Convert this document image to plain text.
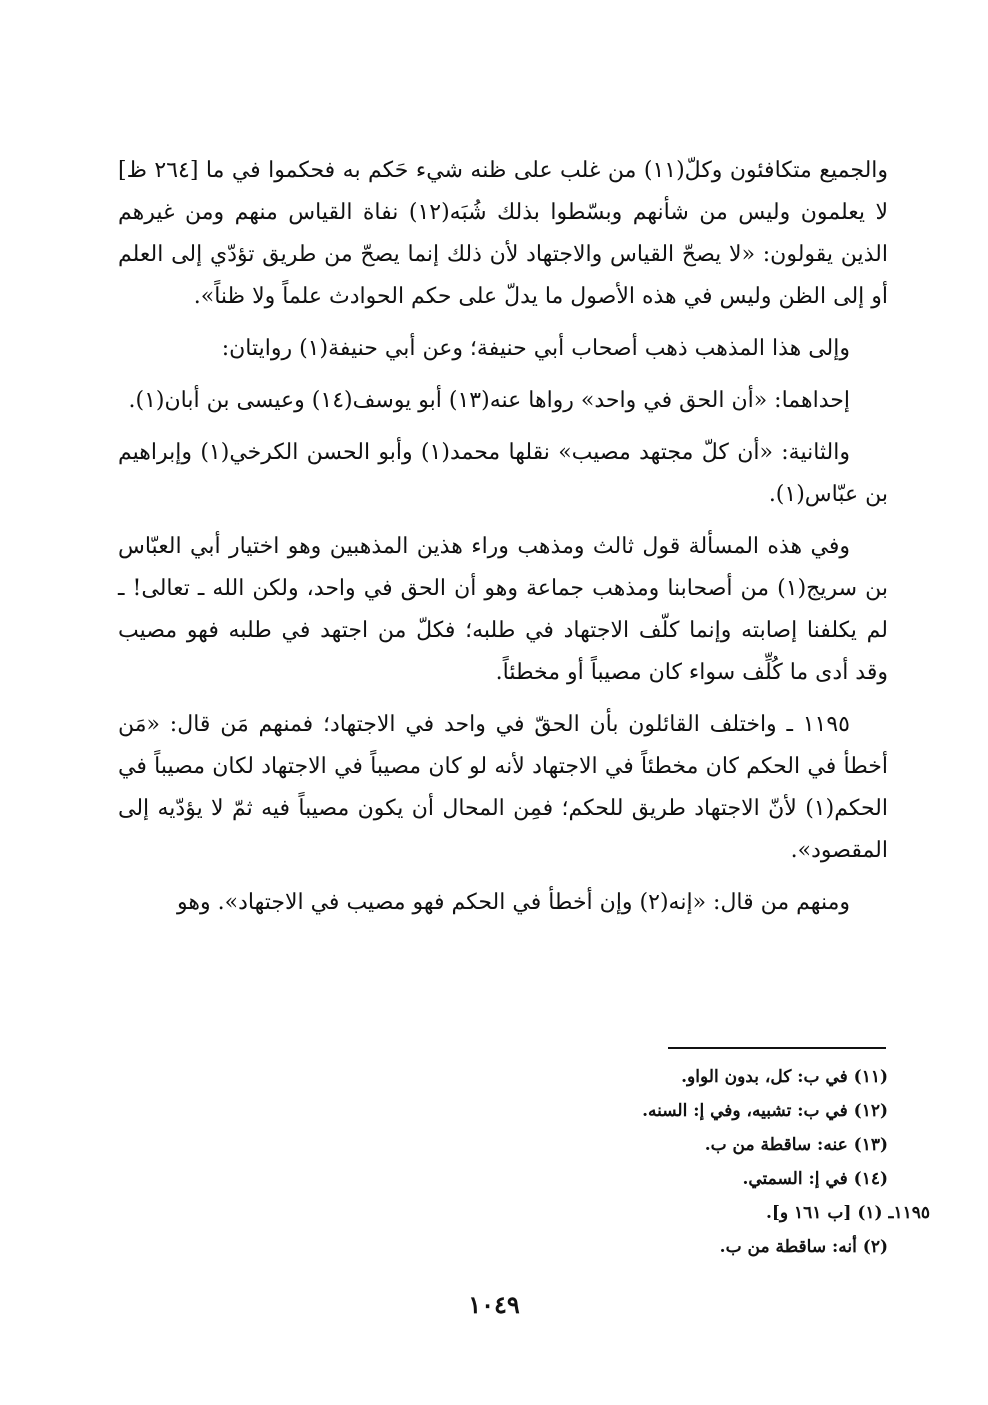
والجميع متكافئون وكلّ(١١) من غلب على ظنه شيء حَكم به فحكموا في ما [٢٦٤ ظ] لا يعلمون وليس من شأنهم وبسّطوا بذلك شُبَه(١٢) نفاة القياس منهم ومن غيرهم الذين يقولون: «لا يصحّ القياس والاجتهاد لأن ذلك إنما يصحّ من طريق تؤدّي إلى العلم أو إلى الظن وليس في هذه الأصول ما يدلّ على حكم الحوادث علماً ولا ظناً».

وإلى هذا المذهب ذهب أصحاب أبي حنيفة؛ وعن أبي حنيفة(١) روايتان:

إحداهما: «أن الحق في واحد» رواها عنه(١٣) أبو يوسف(١٤) وعيسى بن أبان(١).

والثانية: «أن كلّ مجتهد مصيب» نقلها محمد(١) وأبو الحسن الكرخي(١) وإبراهيم بن عبّاس(١).

وفي هذه المسألة قول ثالث ومذهب وراء هذين المذهبين وهو اختيار أبي العبّاس بن سريج(١) من أصحابنا ومذهب جماعة وهو أن الحق في واحد، ولكن الله ـ تعالى! ـ لم يكلفنا إصابته وإنما كلّف الاجتهاد في طلبه؛ فكلّ من اجتهد في طلبه فهو مصيب وقد أدى ما كُلِّف سواء كان مصيباً أو مخطئاً.

١١٩٥ ـ واختلف القائلون بأن الحقّ في واحد في الاجتهاد؛ فمنهم مَن قال: «مَن أخطأ في الحكم كان مخطئاً في الاجتهاد لأنه لو كان مصيباً في الاجتهاد لكان مصيباً في الحكم(١) لأنّ الاجتهاد طريق للحكم؛ فمِن المحال أن يكون مصيباً فيه ثمّ لا يؤدّيه إلى المقصود».

ومنهم من قال: «إنه(٢) وإن أخطأ في الحكم فهو مصيب في الاجتهاد». وهو

(١١) في ب: كل، بدون الواو.
(١٢) في ب: تشبيه، وفي إ: السنه.
(١٣) عنه: ساقطة من ب.
(١٤) في إ: السمتي.
١١٩٥ـ (١) [ب ١٦١ و].
(٢) أنه: ساقطة من ب.
١٠٤٩
